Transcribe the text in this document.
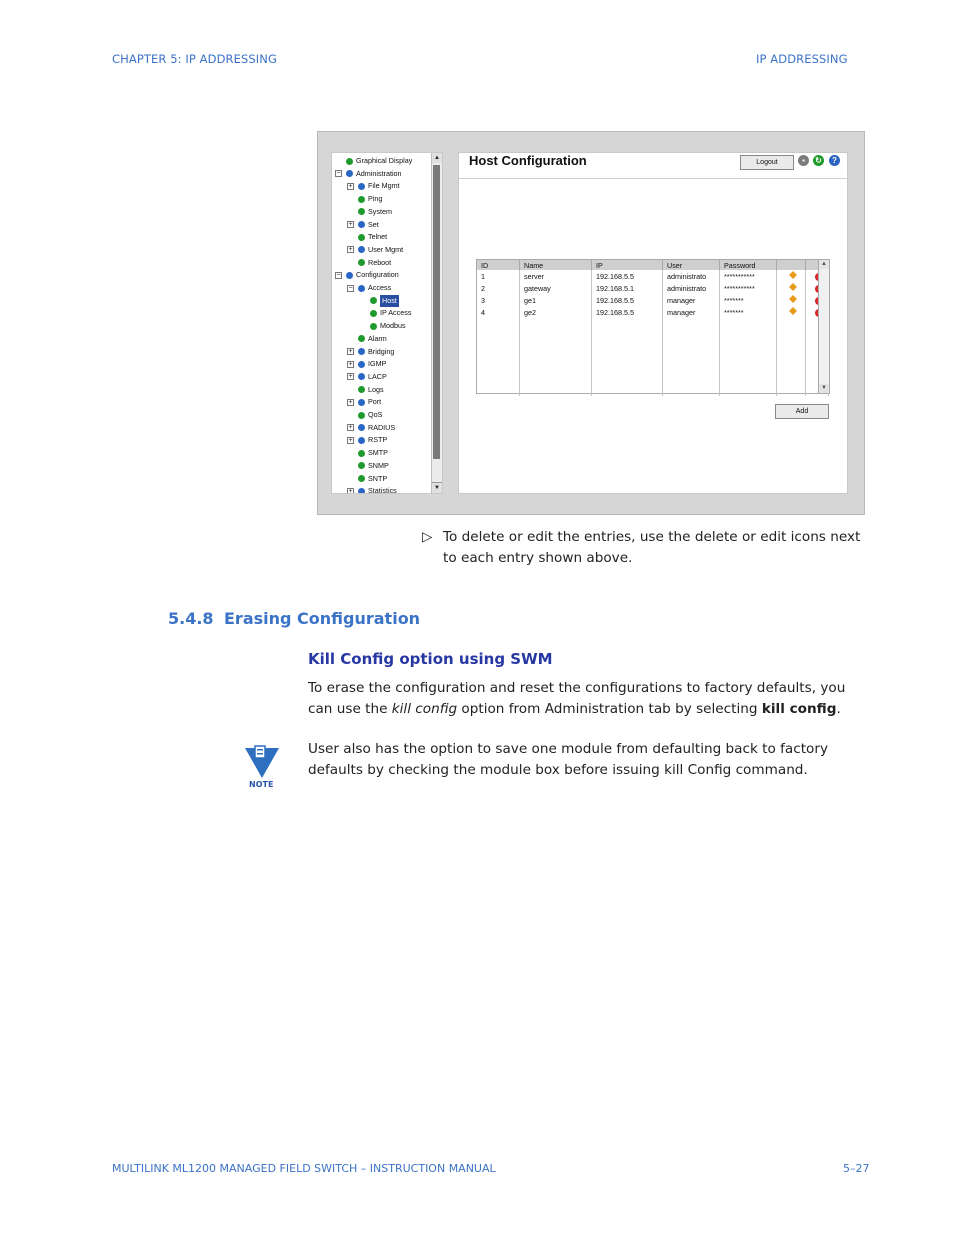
CHAPTER 5: IP ADDRESSING	IP ADDRESSING
Graphical Display
− Administration
+ File Mgmt
Ping
System
+ Set
Telnet
+ User Mgmt
Reboot
− Configuration
− Access
Host
IP Access
Modbus
Alarm
+ Bridging
+ IGMP
+ LACP
Logs
+ Port
QoS
+ RADIUS
+ RSTP
SMTP
SNMP
SNTP
+ Statistics
▲
▼
Host Configuration	Logout	▪	↻	?
ID	Name	IP	User	Password		
1	server	192.168.5.5	administrato	***********		
2	gateway	192.168.5.1	administrato	***********		
3	ge1	192.168.5.5	manager	*******		
4	ge2	192.168.5.5	manager	*******		

▲
▼
Add
▷ To delete or edit the entries, use the delete or edit icons next to each entry shown above.
5.4.8 Erasing Configuration
Kill Config option using SWM
To erase the configuration and reset the configurations to factory defaults, you can use the kill config option from Administration tab by selecting kill config.
NOTE
User also has the option to save one module from defaulting back to factory defaults by checking the module box before issuing kill Config command.
MULTILINK ML1200 MANAGED FIELD SWITCH – INSTRUCTION MANUAL	5–27
